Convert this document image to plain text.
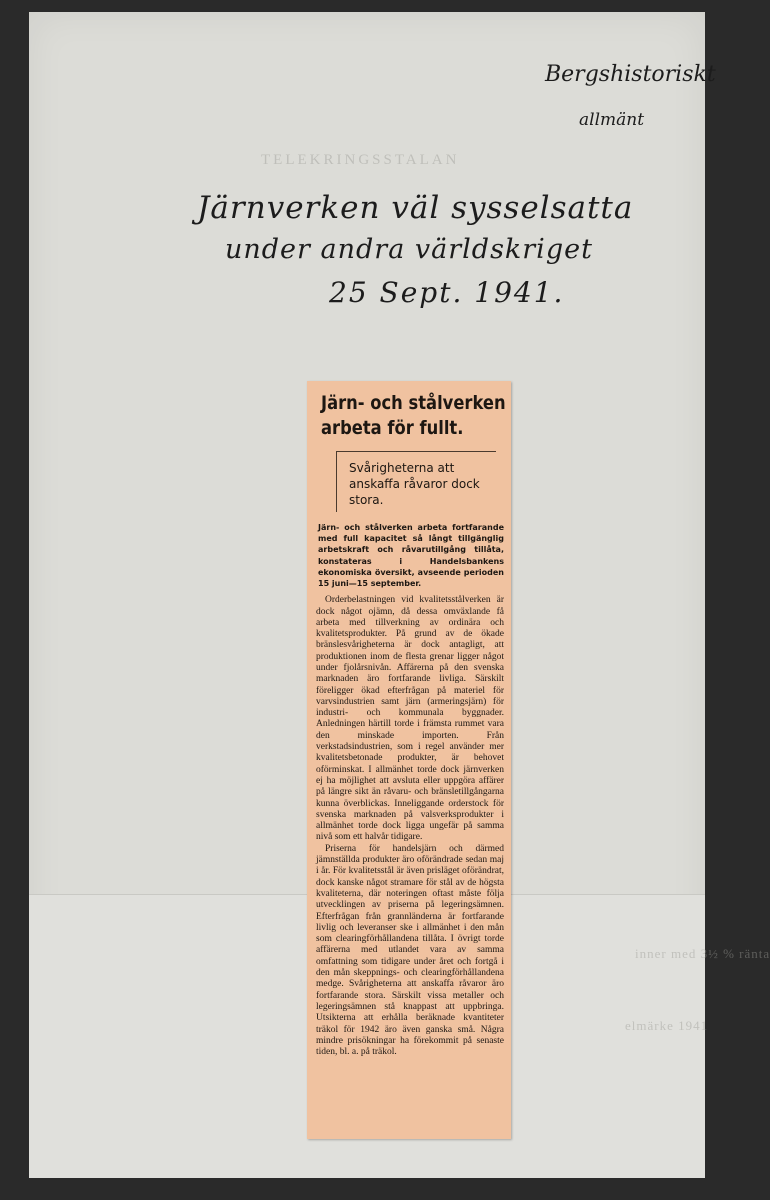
TELEKRINGSSTALAN
inner med 3½ % ränta
elmärke 1941
Bergshistoriskt
allmänt
Järnverken väl sysselsatta
under andra världskriget
25 Sept. 1941.
Järn- och stålverken arbeta för fullt.
Svårigheterna att anskaffa råvaror dock stora.

Järn- och stålverken arbeta fortfarande med full kapacitet så långt tillgänglig arbetskraft och råvarutillgång tillåta, konstateras i Handelsbankens ekonomiska översikt, avseende perioden 15 juni—15 september.

Orderbelastningen vid kvalitetsstålverken är dock något ojämn, då dessa omväxlande få arbeta med tillverkning av ordinära och kvalitetsprodukter. På grund av de ökade bränslesvårigheterna är dock antagligt, att produktionen inom de flesta grenar ligger något under fjolårsnivån. Affärerna på den svenska marknaden äro fortfarande livliga. Särskilt föreligger ökad efterfrågan på materiel för varvsindustrien samt järn (armeringsjärn) för industri- och kommunala byggnader. Anledningen härtill torde i främsta rummet vara den minskade importen. Från verkstadsindustrien, som i regel använder mer kvalitetsbetonade produkter, är behovet oförminskat. I allmänhet torde dock järnverken ej ha möjlighet att avsluta eller uppgöra affärer på längre sikt än råvaru- och bränsletillgångarna kunna överblickas. Inneliggande orderstock för svenska marknaden på valsverksprodukter i allmänhet torde dock ligga ungefär på samma nivå som ett halvår tidigare.

Priserna för handelsjärn och därmed jämnställda produkter äro oförändrade sedan maj i år. För kvalitetsstål är även prisläget oförändrat, dock kanske något stramare för stål av de högsta kvaliteterna, där noteringen oftast måste följa utvecklingen av priserna på legeringsämnen. Efterfrågan från grannländerna är fortfarande livlig och leveranser ske i allmänhet i den mån som clearingförhållandena tillåta. I övrigt torde affärerna med utlandet vara av samma omfattning som tidigare under året och fortgå i den mån skeppnings- och clearingförhållandena medge. Svårigheterna att anskaffa råvaror äro fortfarande stora. Särskilt vissa metaller och legeringsämnen stå knappast att uppbringa. Utsikterna att erhålla beräknade kvantiteter träkol för 1942 äro även ganska små. Några mindre prisökningar ha förekommit på senaste tiden, bl. a. på träkol.
